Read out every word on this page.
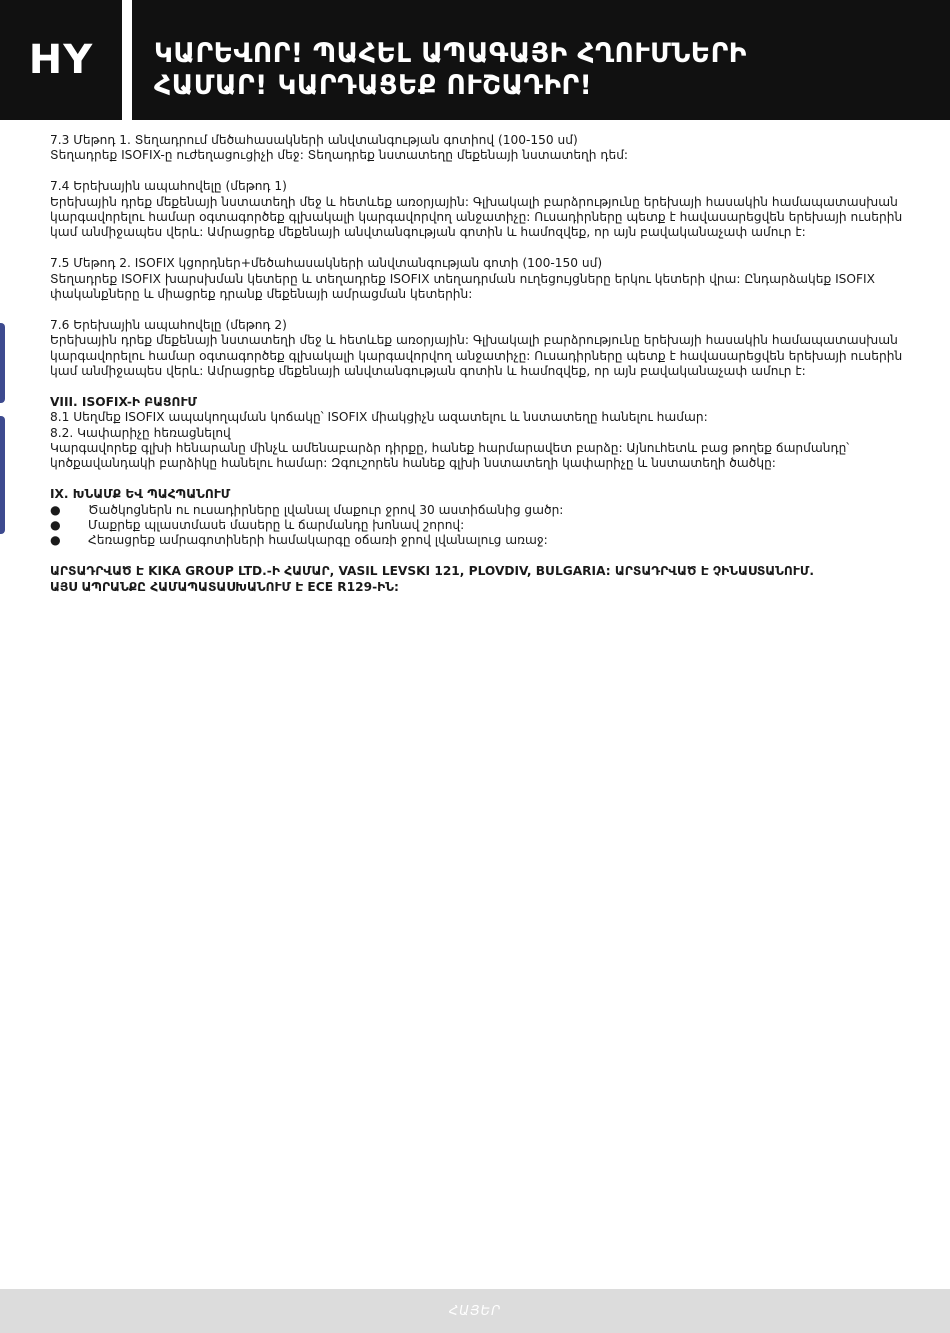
HY ԿԱՐԵՎՈՐ! ՊԱՀԵԼ ԱՊԱԳԱՅԻ ՀՂՈՒՄՆԵՐԻ
ՀԱՄԱՐ! ԿԱՐԴԱՑԵՔ ՈՒՇԱԴԻՐ!
7.3 Մեթոդ 1. Տեղադրում մեծահասակների անվտանգության գոտիով (100-150 սմ)
Տեղադրեք ISOFIX-ը ուժեղացուցիչի մեջ: Տեղադրեք նստատեղը մեքենայի նստատեղի դեմ:
7.4 Երեխային ապահովելը (մեթոդ 1)
Երեխային դրեք մեքենայի նստատեղի մեջ և հետևեք առօրյային: Գլխակալի բարձրությունը երեխայի հասակին համապատասխան
կարգավորելու համար օգտագործեք գլխակալի կարգավորվող անջատիչը: Ուսադիրները պետք է հավասարեցվեն երեխայի ուսերին
կամ անմիջապես վերև: Ամրացրեք մեքենայի անվտանգության գոտին և համոզվեք, որ այն բավականաչափ ամուր է:
7.5 Մեթոդ 2. ISOFIX կցորդներ+մեծահասակների անվտանգության գոտի (100-150 սմ)
Տեղադրեք ISOFIX խարսխման կետերը և տեղադրեք ISOFIX տեղադրման ուղեցույցները երկու կետերի վրա: Ընդարձակեք ISOFIX
փականքները և միացրեք դրանք մեքենայի ամրացման կետերին:
7.6 Երեխային ապահովելը (մեթոդ 2)
Երեխային դրեք մեքենայի նստատեղի մեջ և հետևեք առօրյային: Գլխակալի բարձրությունը երեխայի հասակին համապատասխան
կարգավորելու համար օգտագործեք գլխակալի կարգավորվող անջատիչը: Ուսադիրները պետք է հավասարեցվեն երեխայի ուսերին
կամ անմիջապես վերև: Ամրացրեք մեքենայի անվտանգության գոտին և համոզվեք, որ այն բավականաչափ ամուր է:
VIII. ISOFIX-Ի ԲԱՑՈՒՄ
8.1 Սեղմեք ISOFIX ապակողպման կոճակը՝ ISOFIX միակցիչն ազատելու և նստատեղը հանելու համար:
8.2. Կափարիչը հեռացնելով
Կարգավորեք գլխի հենարանը մինչև ամենաբարձր դիրքը, հանեք հարմարավետ բարձը: Այնուհետև բաց թողեք ճարմանդը՝
կոծքավանդակի բարձիկը հանելու համար: Զգուշորեն հանեք գլխի նստատեղի կափարիչը և նստատեղի ծածկը:
IX. ԽՆԱՄՔ ԵՎ ՊԱՀՊԱՆՈՒՄ
● Ծածկոցներն ու ուսադիրները լվանալ մաքուր ջրով 30 աստիճանից ցածր:
● Մաքրեք պլաստմասե մասերը և ճարմանդը խոնավ շորով:
● Հեռացրեք ամրագոտիների համակարգը օճառի ջրով լվանալուց առաջ:
ԱՐՏԱԴՐՎԱԾ Է KIKA GROUP LTD.-Ի ՀԱՄԱՐ, VASIL LEVSKI 121, PLOVDIV, BULGARIA: ԱՐՏԱԴՐՎԱԾ Է ՉԻՆԱՍՏԱՆՈՒՄ.
ԱՅՍ ԱՊՐԱՆՔԸ ՀԱՄԱՊԱՏԱՍԽԱՆՈՒՄ Է ECE R129-ԻՆ:
ՀԱՅԵՐ
